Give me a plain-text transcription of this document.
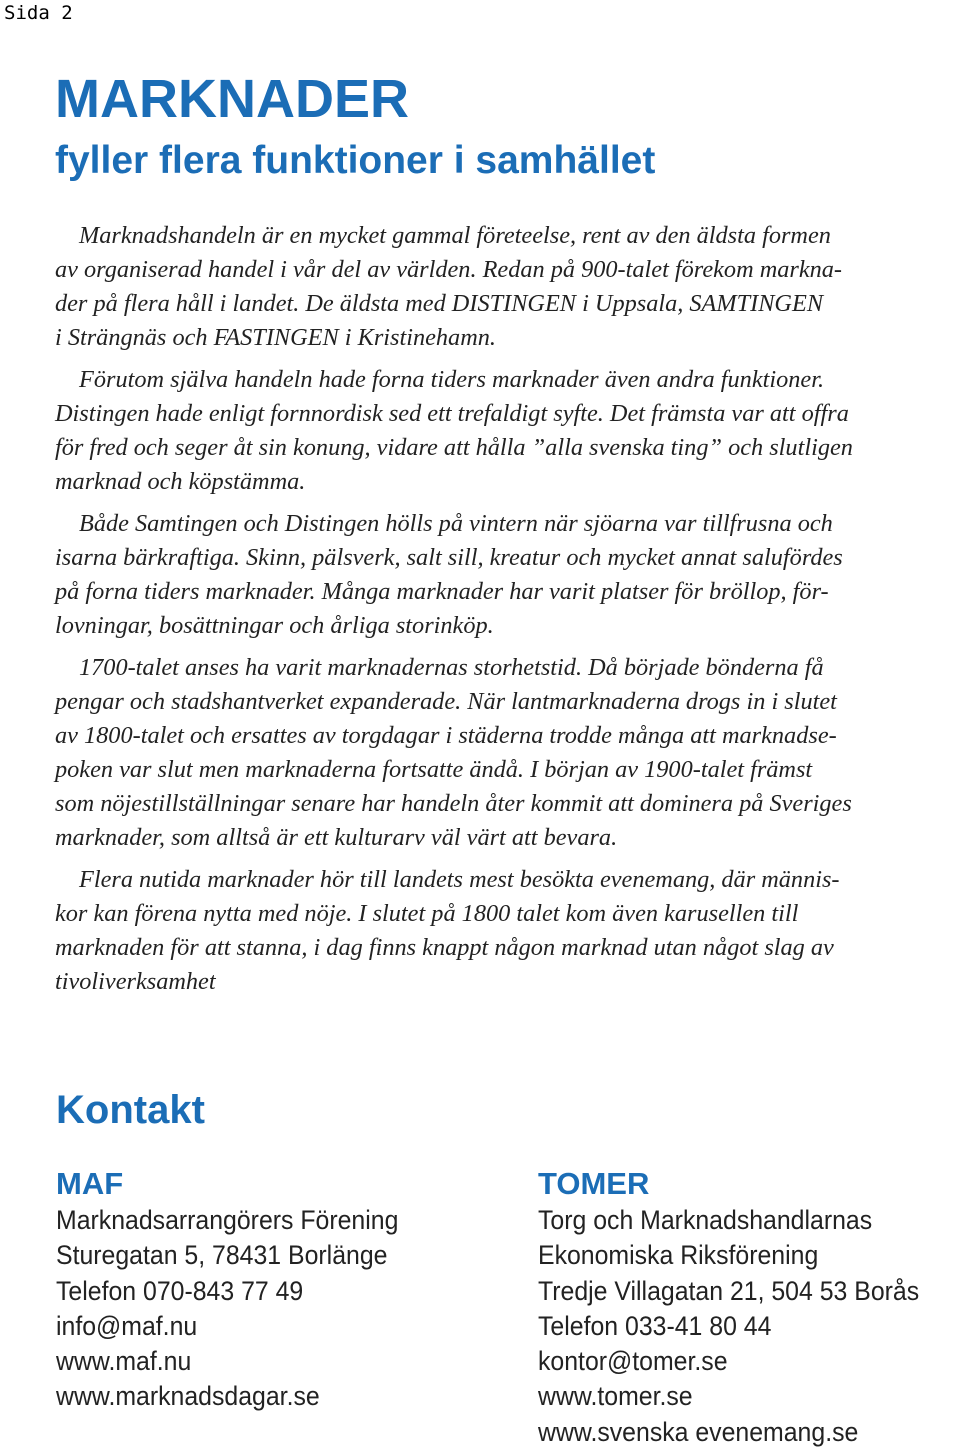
Sida 2
MARKNADER
fyller flera funktioner i samhället
Marknadshandeln är en mycket gammal företeelse, rent av den äldsta formen
av organiserad handel i vår del av världen. Redan på 900-talet förekom markna-
der på flera håll i landet. De äldsta med DISTINGEN i Uppsala, SAMTINGEN
i Strängnäs och FASTINGEN i Kristinehamn.
Förutom själva handeln hade forna tiders marknader även andra funktioner.
Distingen hade enligt fornnordisk sed ett trefaldigt syfte. Det främsta var att offra
för fred och seger åt sin konung, vidare att hålla ”alla svenska ting” och slutligen
marknad och köpstämma.
Både Samtingen och Distingen hölls på vintern när sjöarna var tillfrusna och
isarna bärkraftiga. Skinn, pälsverk, salt sill, kreatur och mycket annat salufördes
på forna tiders marknader. Många marknader har varit platser för bröllop, för-
lovningar, bosättningar och årliga storinköp.
1700-talet anses ha varit marknadernas storhetstid. Då började bönderna få
pengar och stadshantverket expanderade. När lantmarknaderna drogs in i slutet
av 1800-talet och ersattes av torgdagar i städerna trodde många att marknadse-
poken var slut men marknaderna fortsatte ändå. I början av 1900-talet främst
som nöjestillställningar senare har handeln åter kommit att dominera på Sveriges
marknader, som alltså är ett kulturarv väl värt att bevara.
Flera nutida marknader hör till landets mest besökta evenemang, där männis-
kor kan förena nytta med nöje. I slutet på 1800 talet kom även karusellen till
marknaden för att stanna, i dag finns knappt någon marknad utan något slag av
tivoliverksamhet
Kontakt
MAF
Marknadsarrangörers Förening
Sturegatan 5, 78431 Borlänge
Telefon 070-843 77 49
info@maf.nu
www.maf.nu
www.marknadsdagar.se
TOMER
Torg och Marknadshandlarnas
Ekonomiska Riksförening
Tredje Villagatan 21, 504 53 Borås
Telefon 033-41 80 44
kontor@tomer.se
www.tomer.se
www.svenska evenemang.se
